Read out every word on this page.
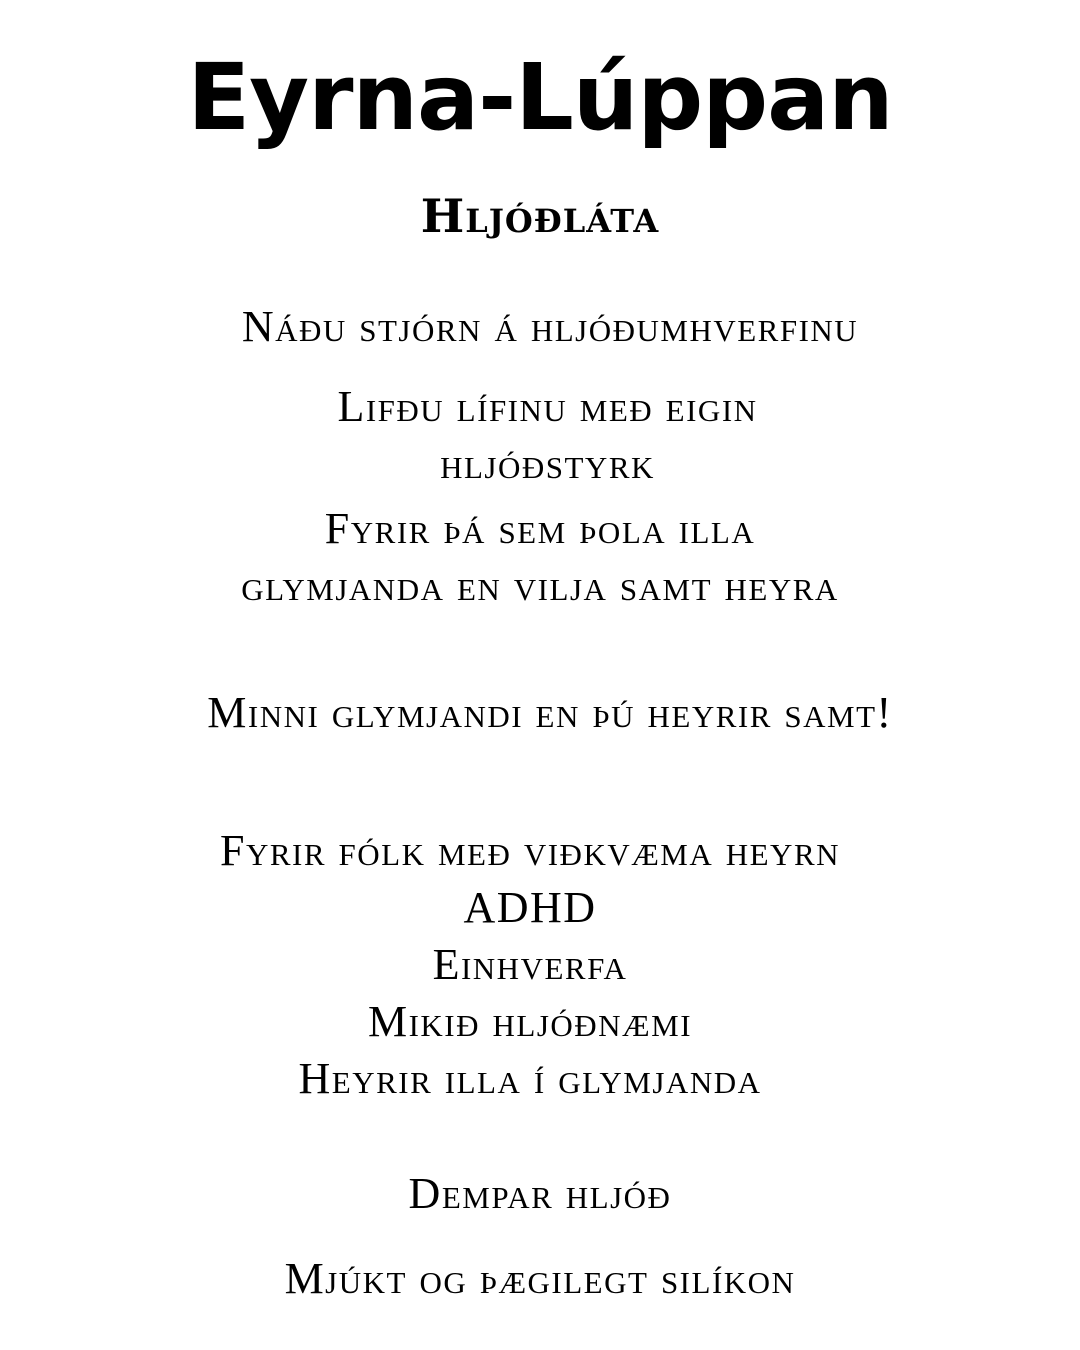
Eyrna-Lúppan
Hljóðláta

Náðu stjórn á hljóðumhverfinu

Lifðu lífinu með eigin hljóðstyrk

Fyrir þá sem þola illa glymjanda en vilja samt heyra

Minni glymjandi en þú heyrir samt!

Fyrir fólk með viðkvæma heyrn
ADHD
Einhverfa
Mikið hljóðnæmi
Heyrir illa í glymjanda

Dempar hljóð

Mjúkt og þægilegt silíkon
